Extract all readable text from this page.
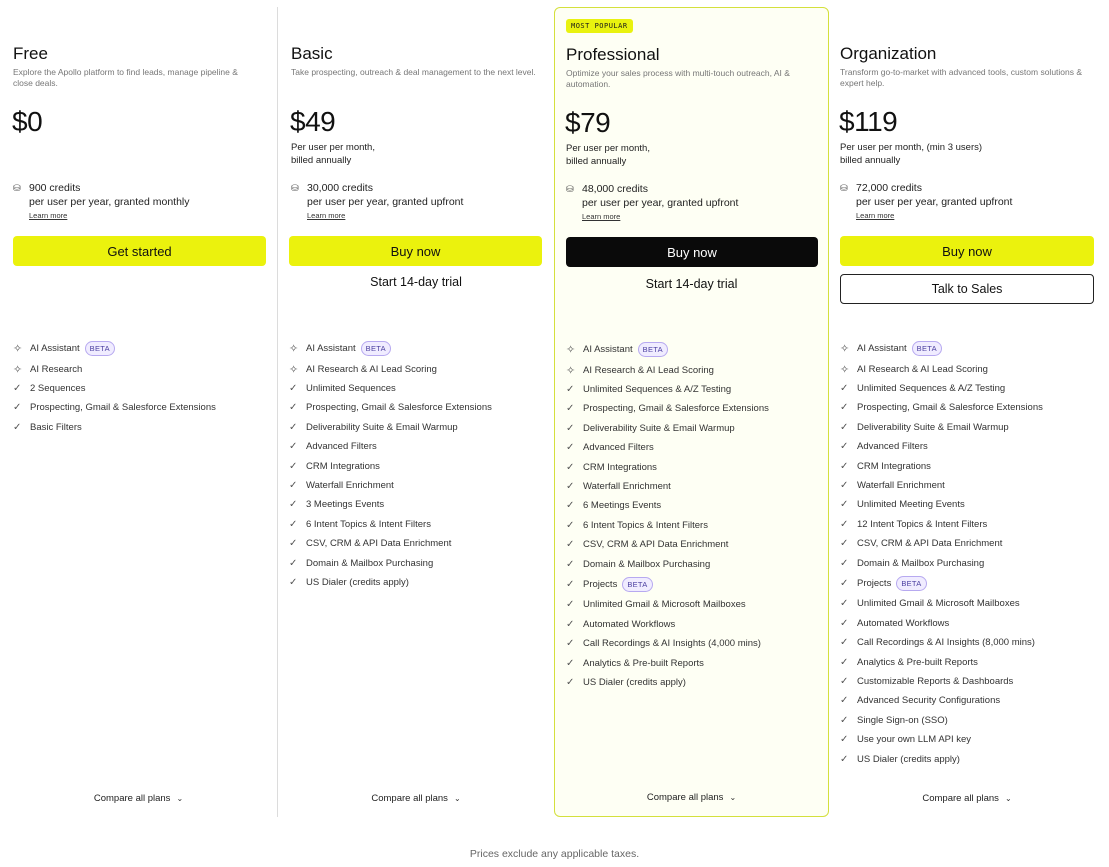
Free
Explore the Apollo platform to find leads, manage pipeline & close deals.
$0
⛁ 900 credits
per user per year, granted monthly
Learn more
Get started
✧ AI Assistant	BETA
✧ AI Research
✓ 2 Sequences
✓ Prospecting, Gmail & Salesforce Extensions
✓ Basic Filters
Compare all plans ⌄
Basic
Take prospecting, outreach & deal management to the next level.
$49
Per user per month, billed annually
⛁ 30,000 credits
per user per year, granted upfront
Learn more
Buy now
Start 14-day trial
✧ AI Assistant	BETA
✧ AI Research & AI Lead Scoring
✓ Unlimited Sequences
✓ Prospecting, Gmail & Salesforce Extensions
✓ Deliverability Suite & Email Warmup
✓ Advanced Filters
✓ CRM Integrations
✓ Waterfall Enrichment
✓ 3 Meetings Events
✓ 6 Intent Topics & Intent Filters
✓ CSV, CRM & API Data Enrichment
✓ Domain & Mailbox Purchasing
✓ US Dialer (credits apply)
Compare all plans ⌄
MOST POPULAR
Professional
Optimize your sales process with multi-touch outreach, AI & automation.
$79
Per user per month, billed annually
⛁ 48,000 credits
per user per year, granted upfront
Learn more
Buy now
Start 14-day trial
✧ AI Assistant	BETA
✧ AI Research & AI Lead Scoring
✓ Unlimited Sequences & A/Z Testing
✓ Prospecting, Gmail & Salesforce Extensions
✓ Deliverability Suite & Email Warmup
✓ Advanced Filters
✓ CRM Integrations
✓ Waterfall Enrichment
✓ 6 Meetings Events
✓ 6 Intent Topics & Intent Filters
✓ CSV, CRM & API Data Enrichment
✓ Domain & Mailbox Purchasing
✓ Projects	BETA
✓ Unlimited Gmail & Microsoft Mailboxes
✓ Automated Workflows
✓ Call Recordings & AI Insights (4,000 mins)
✓ Analytics & Pre-built Reports
✓ US Dialer (credits apply)
Compare all plans ⌄
Organization
Transform go-to-market with advanced tools, custom solutions & expert help.
$119
Per user per month, (min 3 users) billed annually
⛁ 72,000 credits
per user per year, granted upfront
Learn more
Buy now
Talk to Sales
✧ AI Assistant	BETA
✧ AI Research & AI Lead Scoring
✓ Unlimited Sequences & A/Z Testing
✓ Prospecting, Gmail & Salesforce Extensions
✓ Deliverability Suite & Email Warmup
✓ Advanced Filters
✓ CRM Integrations
✓ Waterfall Enrichment
✓ Unlimited Meeting Events
✓ 12 Intent Topics & Intent Filters
✓ CSV, CRM & API Data Enrichment
✓ Domain & Mailbox Purchasing
✓ Projects	BETA
✓ Unlimited Gmail & Microsoft Mailboxes
✓ Automated Workflows
✓ Call Recordings & AI Insights (8,000 mins)
✓ Analytics & Pre-built Reports
✓ Customizable Reports & Dashboards
✓ Advanced Security Configurations
✓ Single Sign-on (SSO)
✓ Use your own LLM API key
✓ US Dialer (credits apply)
Compare all plans ⌄
Prices exclude any applicable taxes.
